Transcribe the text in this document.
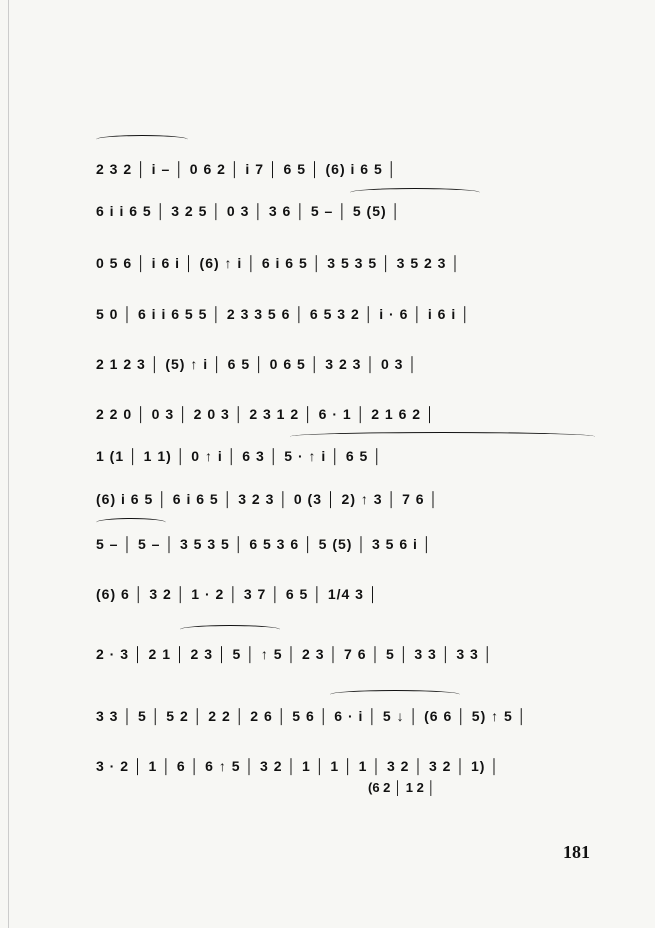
2 3 2 │ i – │ 0 6 2 │ i 7 │ 6 5 │ (6) i 6 5 │
6 i i 6 5 │ 3 2 5 │ 0 3 │ 3 6 │ 5 – │ 5 (5) │
0 5 6 │ i 6 i │ (6) ↑ i │ 6 i 6 5 │ 3 5 3 5 │ 3 5 2 3 │
5 0 │ 6 i i 6 5 5 │ 2 3 3 5 6 │ 6 5 3 2 │ i · 6 │ i 6 i │
2 1 2 3 │ (5) ↑ i │ 6 5 │ 0 6 5 │ 3 2 3 │ 0 3 │
2 2 0 │ 0 3 │ 2 0 3 │ 2 3 1 2 │ 6 · 1 │ 2 1 6 2 │
1 (1 │ 1 1) │ 0 ↑ i │ 6 3 │ 5 · ↑ i │ 6 5 │
(6) i 6 5 │ 6 i 6 5 │ 3 2 3 │ 0 (3 │ 2) ↑ 3 │ 7 6 │
5 – │ 5 – │ 3 5 3 5 │ 6 5 3 6 │ 5 (5) │ 3 5 6 i │
(6) 6 │ 3 2 │ 1 · 2 │ 3 7 │ 6 5 │ 1/4 3 │
2 · 3 │ 2 1 │ 2 3 │ 5 │ ↑ 5 │ 2 3 │ 7 6 │ 5 │ 3 3 │ 3 3 │
3 3 │ 5 │ 5 2 │ 2 2 │ 2 6 │ 5 6 │ 6 · i │ 5 ↓ │ (6 6 │ 5) ↑ 5 │
3 · 2 │ 1 │ 6 │ 6 ↑ 5 │ 3 2 │ 1 │ 1 │ 1 │ 3 2 │ 3 2 │ 1) │
(6 2 │ 1 2 │
181
